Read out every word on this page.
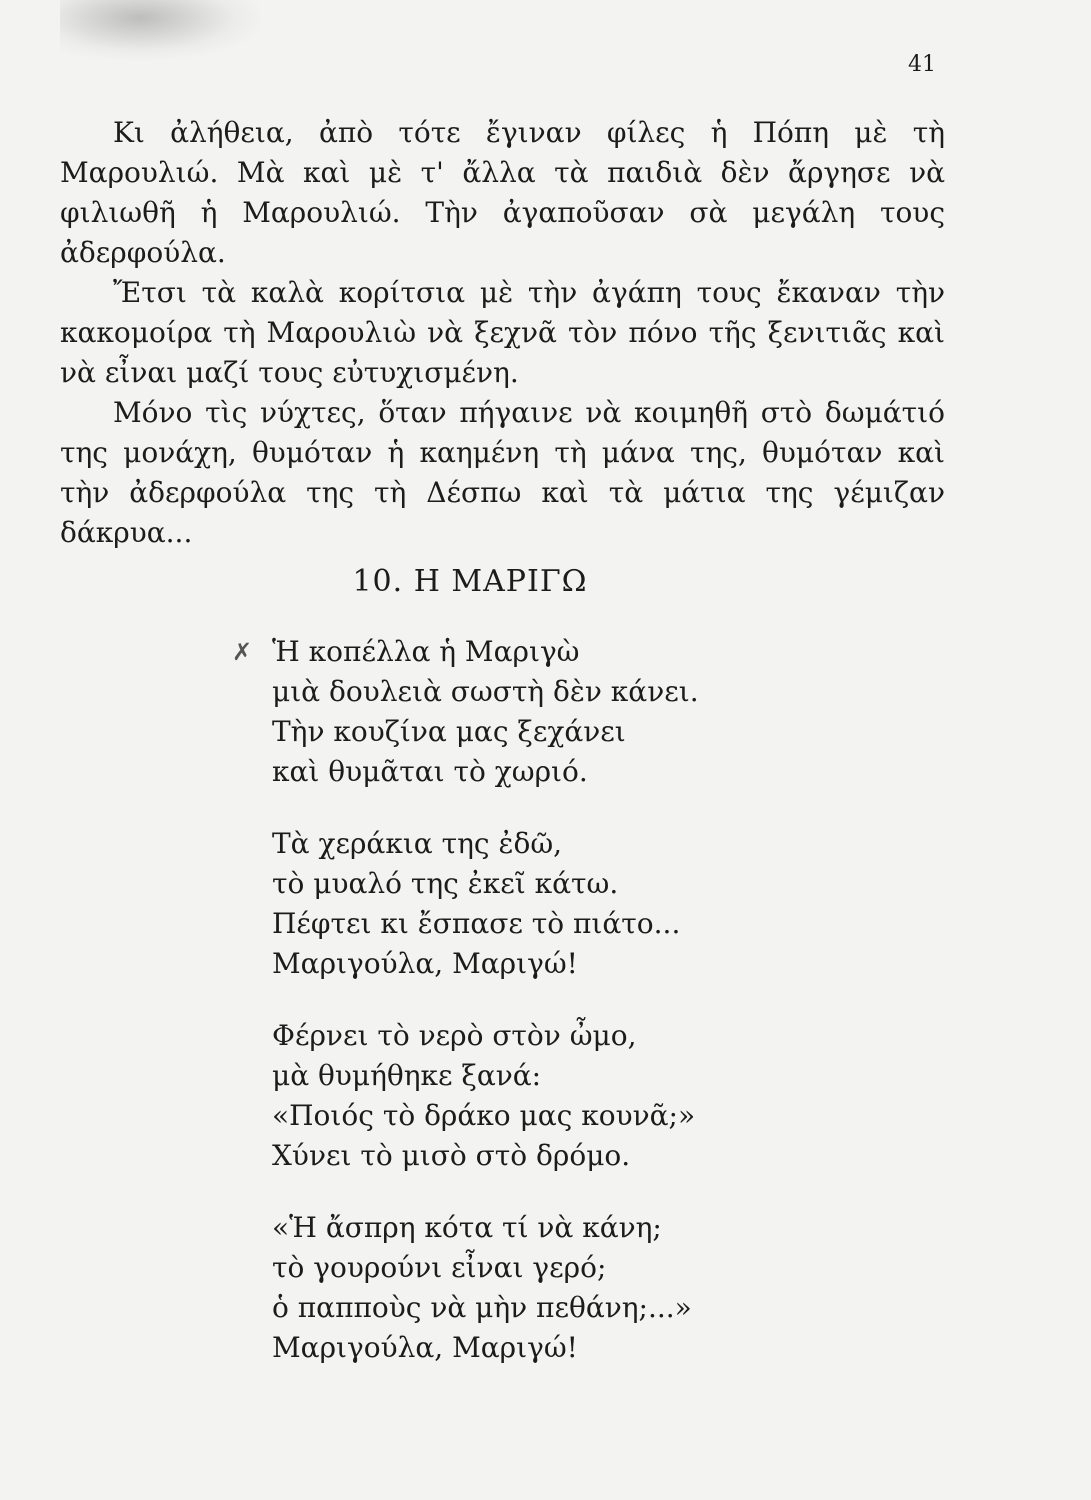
41

Κι ἀλήθεια, ἀπὸ τότε ἔγιναν φίλες ἡ Πόπη μὲ τὴ Μαρουλιώ. Μὰ καὶ μὲ τ' ἄλλα τὰ παιδιὰ δὲν ἄργησε νὰ φιλιωθῆ ἡ Μαρουλιώ. Τὴν ἀγαποῦσαν σὰ μεγάλη τους ἀδερφούλα.

Ἔτσι τὰ καλὰ κορίτσια μὲ τὴν ἀγάπη τους ἔκαναν τὴν κακομοίρα τὴ Μαρουλιὼ νὰ ξεχνᾶ τὸν πόνο τῆς ξενιτιᾶς καὶ νὰ εἶναι μαζί τους εὐτυχισμένη.

Μόνο τὶς νύχτες, ὅταν πήγαινε νὰ κοιμηθῆ στὸ δωμάτιό της μονάχη, θυμόταν ἡ καημένη τὴ μάνα της, θυμόταν καὶ τὴν ἀδερφούλα της τὴ Δέσπω καὶ τὰ μάτια της γέμιζαν δάκρυα...

10. Η ΜΑΡΙΓΩ
✗ Ἡ κοπέλλα ἡ Μαριγὼ
μιὰ δουλειὰ σωστὴ δὲν κάνει.
Τὴν κουζίνα μας ξεχάνει
καὶ θυμᾶται τὸ χωριό.
Τὰ χεράκια της ἐδῶ,
τὸ μυαλό της ἐκεῖ κάτω.
Πέφτει κι ἔσπασε τὸ πιάτο...
Μαριγούλα, Μαριγώ!
Φέρνει τὸ νερὸ στὸν ὦμο,
μὰ θυμήθηκε ξανά:
«Ποιός τὸ δράκο μας κουνᾶ;»
Χύνει τὸ μισὸ στὸ δρόμο.
«Ἡ ἄσπρη κότα τί νὰ κάνη;
τὸ γουρούνι εἶναι γερό;
ὁ παπποὺς νὰ μὴν πεθάνη;...»
Μαριγούλα, Μαριγώ!
